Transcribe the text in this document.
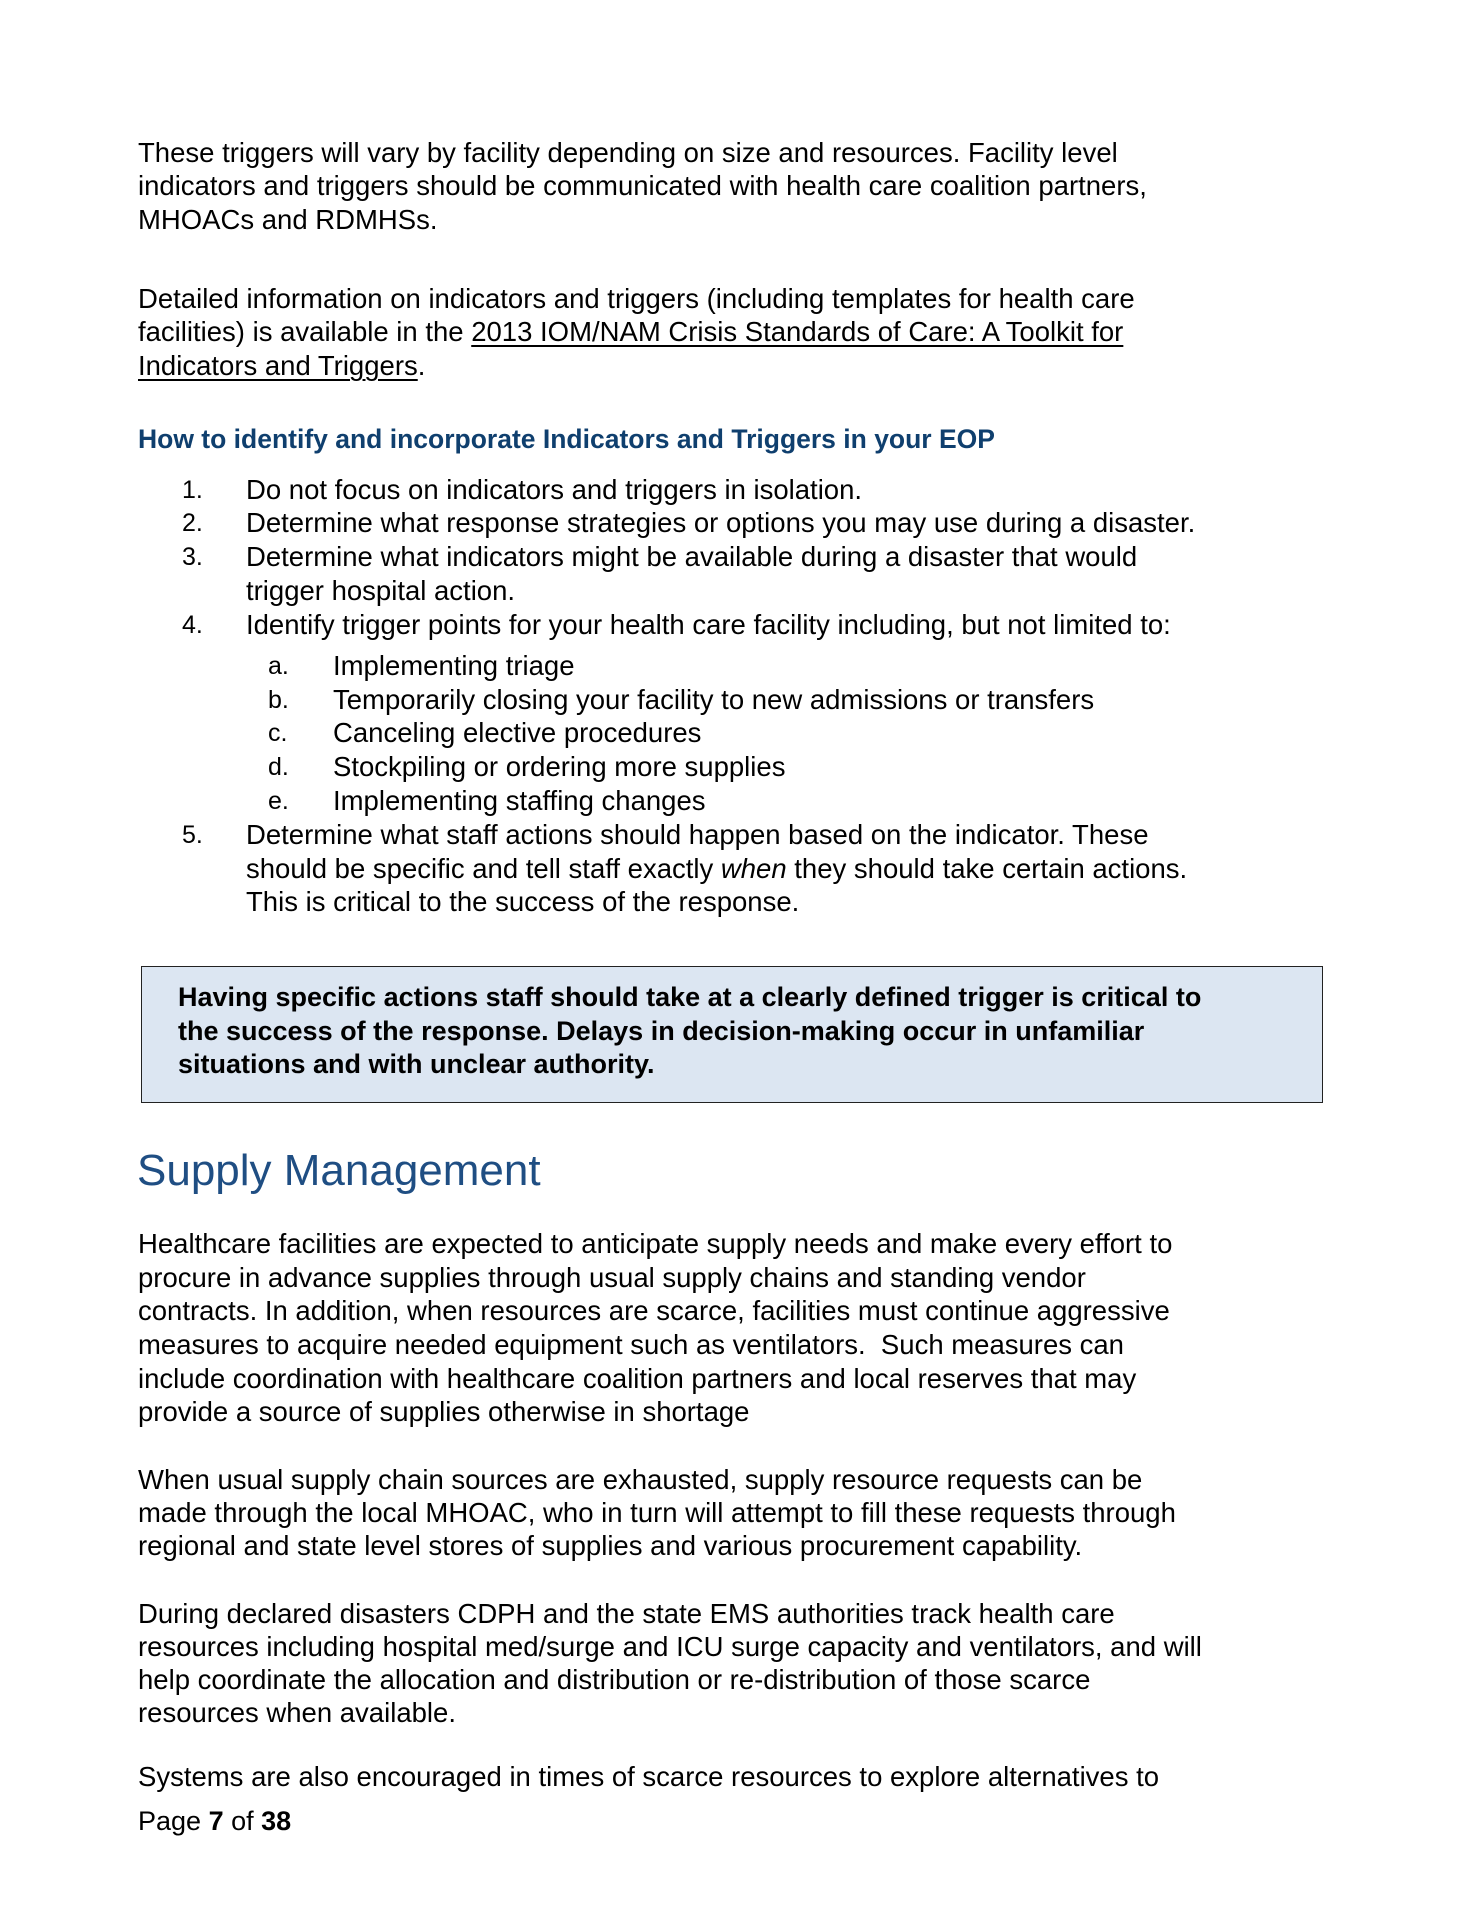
These triggers will vary by facility depending on size and resources. Facility level
indicators and triggers should be communicated with health care coalition partners,
MHOACs and RDMHSs.
Detailed information on indicators and triggers (including templates for health care
facilities) is available in the 2013 IOM/NAM Crisis Standards of Care: A Toolkit for
Indicators and Triggers.
How to identify and incorporate Indicators and Triggers in your EOP
1. Do not focus on indicators and triggers in isolation.
2. Determine what response strategies or options you may use during a disaster.
3. Determine what indicators might be available during a disaster that would
trigger hospital action.
4. Identify trigger points for your health care facility including, but not limited to:
a. Implementing triage
b. Temporarily closing your facility to new admissions or transfers
c. Canceling elective procedures
d. Stockpiling or ordering more supplies
e. Implementing staffing changes
5. Determine what staff actions should happen based on the indicator. These
should be specific and tell staff exactly when they should take certain actions.
This is critical to the success of the response.
Having specific actions staff should take at a clearly defined trigger is critical to
the success of the response. Delays in decision-making occur in unfamiliar
situations and with unclear authority.
Supply Management
Healthcare facilities are expected to anticipate supply needs and make every effort to
procure in advance supplies through usual supply chains and standing vendor
contracts. In addition, when resources are scarce, facilities must continue aggressive
measures to acquire needed equipment such as ventilators.  Such measures can
include coordination with healthcare coalition partners and local reserves that may
provide a source of supplies otherwise in shortage
When usual supply chain sources are exhausted, supply resource requests can be
made through the local MHOAC, who in turn will attempt to fill these requests through
regional and state level stores of supplies and various procurement capability.
During declared disasters CDPH and the state EMS authorities track health care
resources including hospital med/surge and ICU surge capacity and ventilators, and will
help coordinate the allocation and distribution or re-distribution of those scarce
resources when available.
Systems are also encouraged in times of scarce resources to explore alternatives to
Page 7 of 38
